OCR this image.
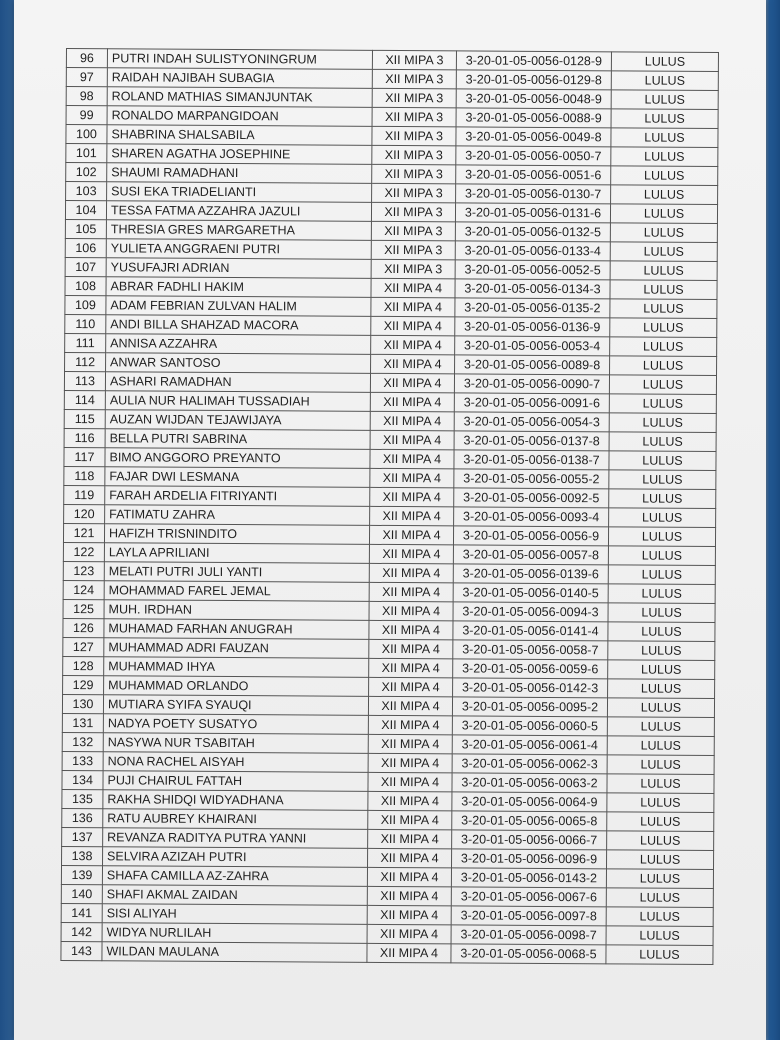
96	PUTRI INDAH SULISTYONINGRUM	XII MIPA 3	3-20-01-05-0056-0128-9	LULUS
97	RAIDAH NAJIBAH SUBAGIA	XII MIPA 3	3-20-01-05-0056-0129-8	LULUS
98	ROLAND MATHIAS SIMANJUNTAK	XII MIPA 3	3-20-01-05-0056-0048-9	LULUS
99	RONALDO MARPANGIDOAN	XII MIPA 3	3-20-01-05-0056-0088-9	LULUS
100	SHABRINA SHALSABILA	XII MIPA 3	3-20-01-05-0056-0049-8	LULUS
101	SHAREN AGATHA JOSEPHINE	XII MIPA 3	3-20-01-05-0056-0050-7	LULUS
102	SHAUMI RAMADHANI	XII MIPA 3	3-20-01-05-0056-0051-6	LULUS
103	SUSI EKA TRIADELIANTI	XII MIPA 3	3-20-01-05-0056-0130-7	LULUS
104	TESSA FATMA AZZAHRA JAZULI	XII MIPA 3	3-20-01-05-0056-0131-6	LULUS
105	THRESIA GRES MARGARETHA	XII MIPA 3	3-20-01-05-0056-0132-5	LULUS
106	YULIETA ANGGRAENI PUTRI	XII MIPA 3	3-20-01-05-0056-0133-4	LULUS
107	YUSUFAJRI ADRIAN	XII MIPA 3	3-20-01-05-0056-0052-5	LULUS
108	ABRAR FADHLI HAKIM	XII MIPA 4	3-20-01-05-0056-0134-3	LULUS
109	ADAM FEBRIAN ZULVAN HALIM	XII MIPA 4	3-20-01-05-0056-0135-2	LULUS
110	ANDI BILLA SHAHZAD MACORA	XII MIPA 4	3-20-01-05-0056-0136-9	LULUS
111	ANNISA AZZAHRA	XII MIPA 4	3-20-01-05-0056-0053-4	LULUS
112	ANWAR SANTOSO	XII MIPA 4	3-20-01-05-0056-0089-8	LULUS
113	ASHARI RAMADHAN	XII MIPA 4	3-20-01-05-0056-0090-7	LULUS
114	AULIA NUR HALIMAH TUSSADIAH	XII MIPA 4	3-20-01-05-0056-0091-6	LULUS
115	AUZAN WIJDAN TEJAWIJAYA	XII MIPA 4	3-20-01-05-0056-0054-3	LULUS
116	BELLA PUTRI SABRINA	XII MIPA 4	3-20-01-05-0056-0137-8	LULUS
117	BIMO ANGGORO PREYANTO	XII MIPA 4	3-20-01-05-0056-0138-7	LULUS
118	FAJAR DWI LESMANA	XII MIPA 4	3-20-01-05-0056-0055-2	LULUS
119	FARAH ARDELIA FITRIYANTI	XII MIPA 4	3-20-01-05-0056-0092-5	LULUS
120	FATIMATU ZAHRA	XII MIPA 4	3-20-01-05-0056-0093-4	LULUS
121	HAFIZH TRISNINDITO	XII MIPA 4	3-20-01-05-0056-0056-9	LULUS
122	LAYLA APRILIANI	XII MIPA 4	3-20-01-05-0056-0057-8	LULUS
123	MELATI PUTRI JULI YANTI	XII MIPA 4	3-20-01-05-0056-0139-6	LULUS
124	MOHAMMAD FAREL JEMAL	XII MIPA 4	3-20-01-05-0056-0140-5	LULUS
125	MUH. IRDHAN	XII MIPA 4	3-20-01-05-0056-0094-3	LULUS
126	MUHAMAD FARHAN ANUGRAH	XII MIPA 4	3-20-01-05-0056-0141-4	LULUS
127	MUHAMMAD ADRI FAUZAN	XII MIPA 4	3-20-01-05-0056-0058-7	LULUS
128	MUHAMMAD IHYA	XII MIPA 4	3-20-01-05-0056-0059-6	LULUS
129	MUHAMMAD ORLANDO	XII MIPA 4	3-20-01-05-0056-0142-3	LULUS
130	MUTIARA SYIFA SYAUQI	XII MIPA 4	3-20-01-05-0056-0095-2	LULUS
131	NADYA POETY SUSATYO	XII MIPA 4	3-20-01-05-0056-0060-5	LULUS
132	NASYWA NUR TSABITAH	XII MIPA 4	3-20-01-05-0056-0061-4	LULUS
133	NONA RACHEL AISYAH	XII MIPA 4	3-20-01-05-0056-0062-3	LULUS
134	PUJI CHAIRUL FATTAH	XII MIPA 4	3-20-01-05-0056-0063-2	LULUS
135	RAKHA SHIDQI WIDYADHANA	XII MIPA 4	3-20-01-05-0056-0064-9	LULUS
136	RATU AUBREY KHAIRANI	XII MIPA 4	3-20-01-05-0056-0065-8	LULUS
137	REVANZA RADITYA PUTRA YANNI	XII MIPA 4	3-20-01-05-0056-0066-7	LULUS
138	SELVIRA AZIZAH PUTRI	XII MIPA 4	3-20-01-05-0056-0096-9	LULUS
139	SHAFA CAMILLA AZ-ZAHRA	XII MIPA 4	3-20-01-05-0056-0143-2	LULUS
140	SHAFI AKMAL ZAIDAN	XII MIPA 4	3-20-01-05-0056-0067-6	LULUS
141	SISI ALIYAH	XII MIPA 4	3-20-01-05-0056-0097-8	LULUS
142	WIDYA NURLILAH	XII MIPA 4	3-20-01-05-0056-0098-7	LULUS
143	WILDAN MAULANA	XII MIPA 4	3-20-01-05-0056-0068-5	LULUS
